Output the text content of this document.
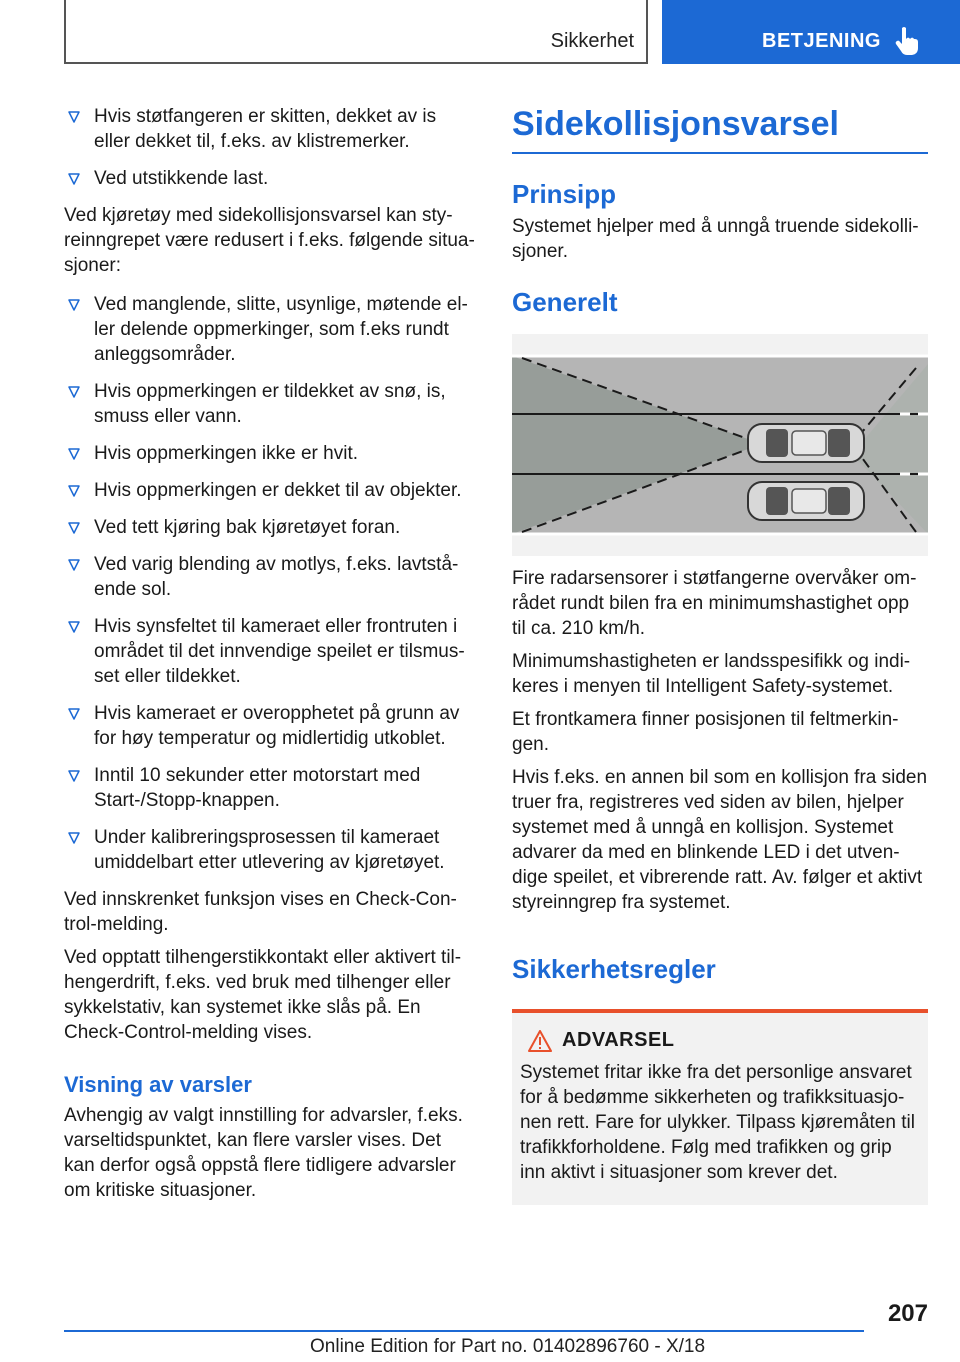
Sikkerhet	BETJENING
Hvis støtfangeren er skitten, dekket av is eller dekket til, f.eks. av klistremerker.
Ved utstikkende last.

Ved kjøretøy med sidekollisjonsvarsel kan sty-reinngrepet være redusert i f.eks. følgende situa-sjoner:

Ved manglende, slitte, usynlige, møtende el-ler delende oppmerkinger, som f.eks rundt anleggsområder.
Hvis oppmerkingen er tildekket av snø, is, smuss eller vann.
Hvis oppmerkingen ikke er hvit.
Hvis oppmerkingen er dekket til av objekter.
Ved tett kjøring bak kjøretøyet foran.
Ved varig blending av motlys, f.eks. lavtstå-ende sol.
Hvis synsfeltet til kameraet eller frontruten i området til det innvendige speilet er tilsmus-set eller tildekket.
Hvis kameraet er overopphetet på grunn av for høy temperatur og midlertidig utkoblet.
Inntil 10 sekunder etter motorstart med Start-/Stopp-knappen.
Under kalibreringsprosessen til kameraet umiddelbart etter utlevering av kjøretøyet.

Ved innskrenket funksjon vises en Check-Con-trol-melding.

Ved opptatt tilhengerstikkontakt eller aktivert til-hengerdrift, f.eks. ved bruk med tilhenger eller sykkelstativ, kan systemet ikke slås på. En Check-Control-melding vises.

Visning av varsler

Avhengig av valgt innstilling for advarsler, f.eks. varseltidspunktet, kan flere varsler vises. Det kan derfor også oppstå flere tidligere advarsler om kritiske situasjoner.

Sidekollisjonsvarsel
Prinsipp

Systemet hjelper med å unngå truende sidekolli-sjoner.

Generelt

Fire radarsensorer i støtfangerne overvåker om-rådet rundt bilen fra en minimumshastighet opp til ca. 210 km/h.

Minimumshastigheten er landsspesifikk og indi-keres i menyen til Intelligent Safety-systemet.

Et frontkamera finner posisjonen til feltmerkin-gen.

Hvis f.eks. en annen bil som en kollisjon fra siden truer fra, registreres ved siden av bilen, hjelper systemet med å unngå en kollisjon. Systemet advarer da med en blinkende LED i det utven-dige speilet, et vibrerende ratt. Av. følger et aktivt styreinngrep fra systemet.

Sikkerhetsregler
ADVARSEL

Systemet fritar ikke fra det personlige ansvaret for å bedømme sikkerheten og trafikksituasjo-nen rett. Fare for ulykker. Tilpass kjøremåten til trafikkforholdene. Følg med trafikken og grip inn aktivt i situasjoner som krever det.

207
Online Edition for Part no. 01402896760 - X/18
